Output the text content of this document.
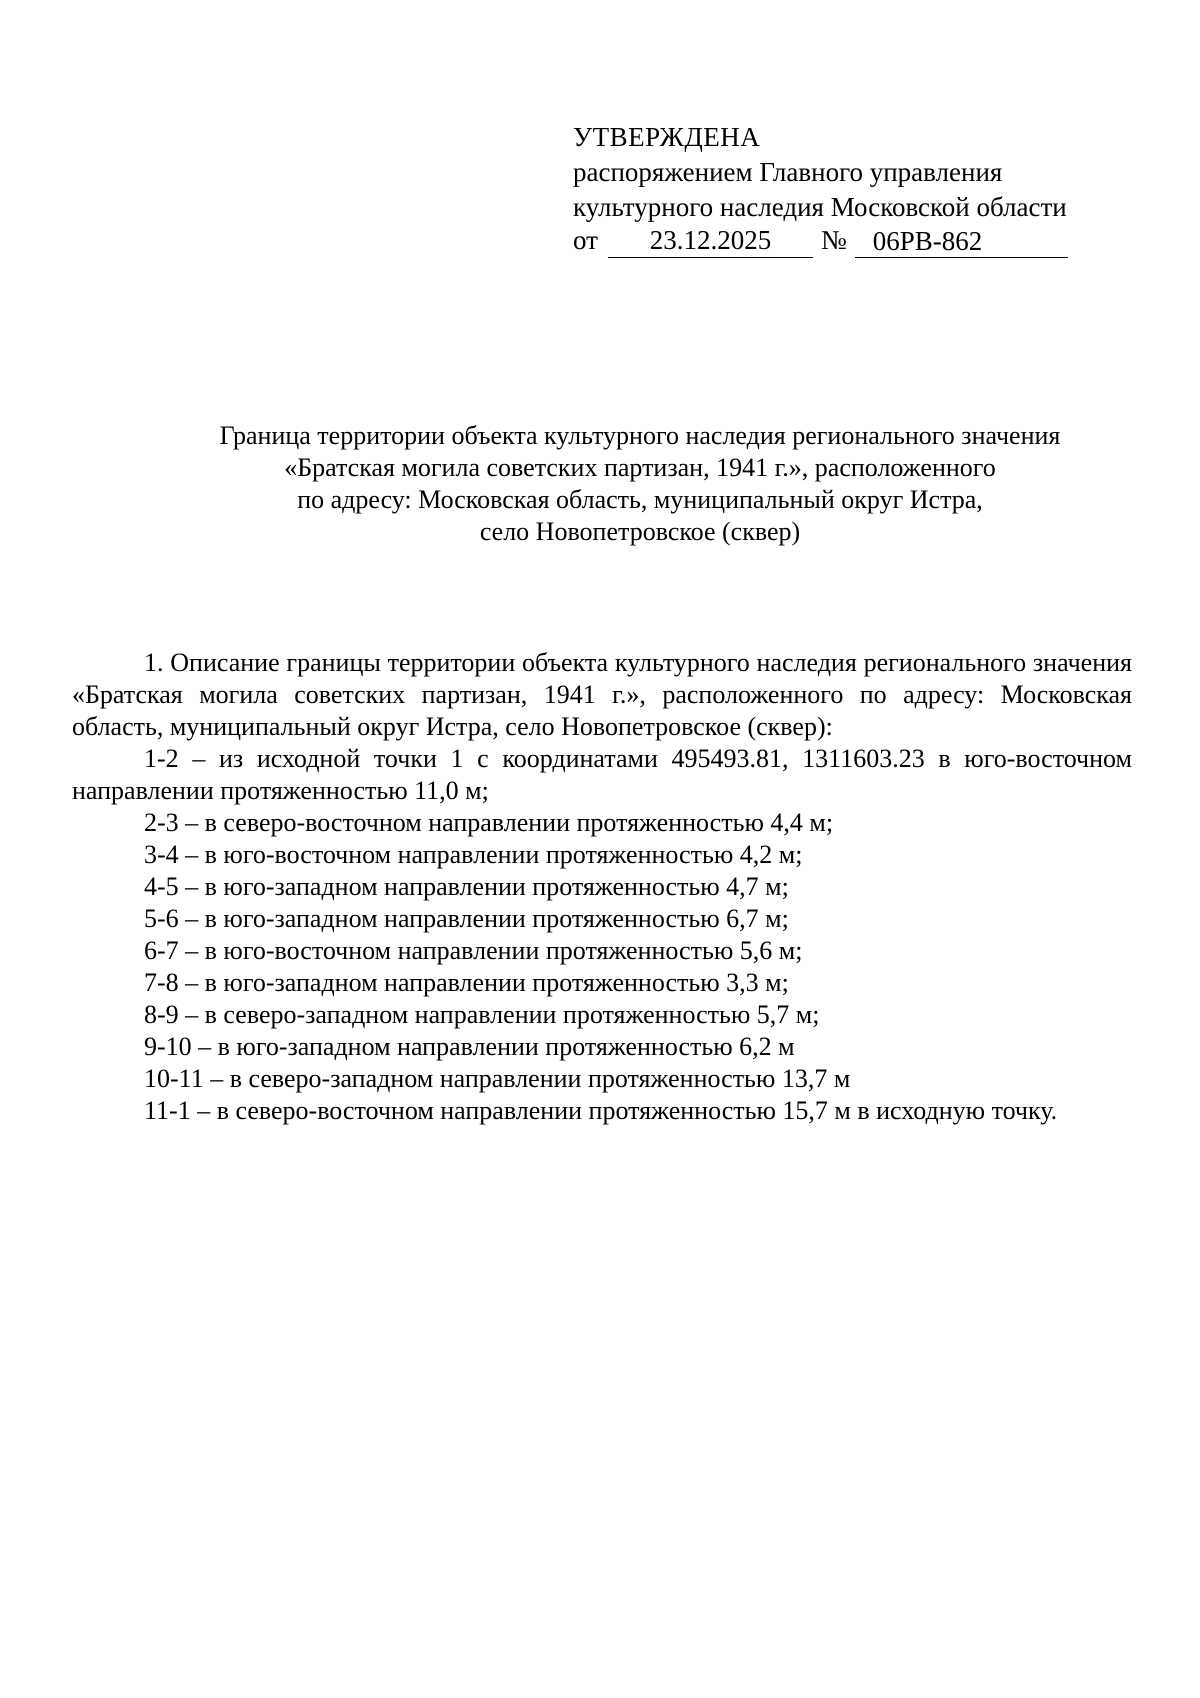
УТВЕРЖДЕНА
распоряжением Главного управления
культурного наследия Московской области
от	23.12.2025	№ 06РВ-862
Граница территории объекта культурного наследия регионального значения
«Братская могила советских партизан, 1941 г.», расположенного
по адресу: Московская область, муниципальный округ Истра,
село Новопетровское (сквер)

1. Описание границы территории объекта культурного наследия регионального значения «Братская могила советских партизан, 1941 г.», расположенного по адресу: Московская область, муниципальный округ Истра, село Новопетровское (сквер):

1-2 – из исходной точки 1 с координатами 495493.81, 1311603.23 в юго-восточном направлении протяженностью 11,0 м;

2-3 – в северо-восточном направлении протяженностью 4,4 м;

3-4 – в юго-восточном направлении протяженностью 4,2 м;

4-5 – в юго-западном направлении протяженностью 4,7 м;

5-6 – в юго-западном направлении протяженностью 6,7 м;

6-7 – в юго-восточном направлении протяженностью 5,6 м;

7-8 – в юго-западном направлении протяженностью 3,3 м;

8-9 – в северо-западном направлении протяженностью 5,7 м;

9-10 – в юго-западном направлении протяженностью 6,2 м

10-11 – в северо-западном направлении протяженностью 13,7 м

11-1 – в северо-восточном направлении протяженностью 15,7 м в исходную точку.
